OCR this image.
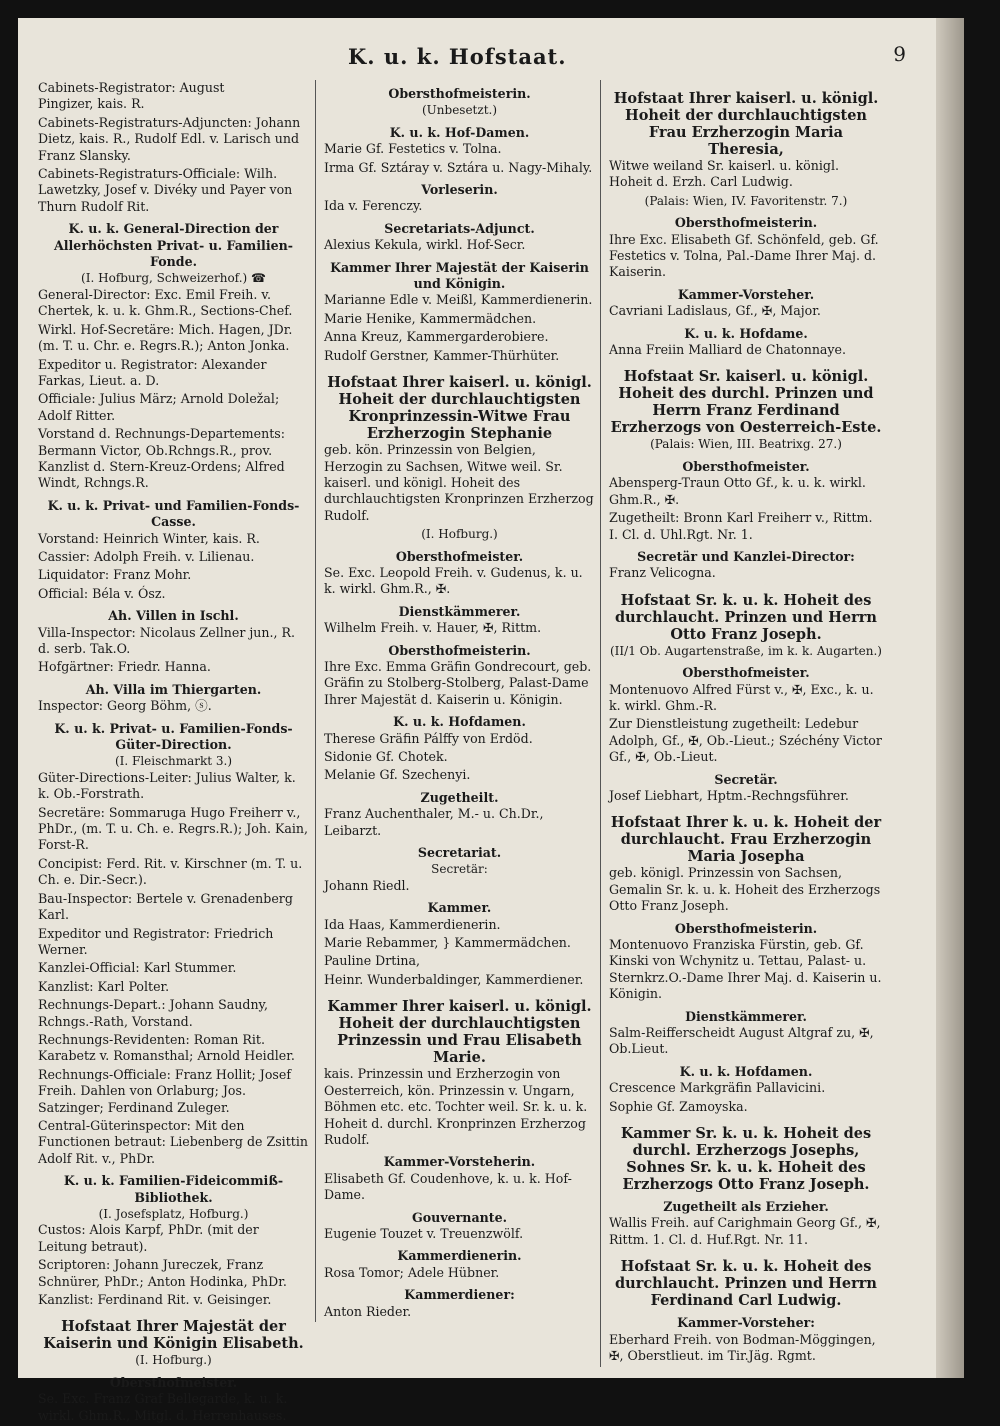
K. u. k. Hofstaat.	9
Cabinets-Registrator: August
Pingizer, kais. R.
Cabinets-Registraturs-Adjuncten: Johann Dietz, kais. R., Rudolf Edl. v. Larisch und Franz Slansky.
Cabinets-Registraturs-Officiale: Wilh. Lawetzky, Josef v. Divéky und Payer von Thurn Rudolf Rit.
K. u. k. General-Direction der Allerhöchsten Privat- u. Familien-Fonde.
(I. Hofburg, Schweizerhof.) ☎
General-Director: Exc. Emil Freih. v. Chertek, k. u. k. Ghm.R., Sections-Chef.
Wirkl. Hof-Secretäre: Mich. Hagen, JDr. (m. T. u. Chr. e. Regrs.R.); Anton Jonka.
Expeditor u. Registrator: Alexander Farkas, Lieut. a. D.
Officiale: Julius März; Arnold Doležal; Adolf Ritter.
Vorstand d. Rechnungs-Departements: Bermann Victor, Ob.Rchngs.R., prov. Kanzlist d. Stern-Kreuz-Ordens; Alfred Windt, Rchngs.R.
K. u. k. Privat- und Familien-Fonds-Casse.
Vorstand: Heinrich Winter, kais. R.
Cassier: Adolph Freih. v. Lilienau.
Liquidator: Franz Mohr.
Official: Béla v. Ósz.
Ah. Villen in Ischl.
Villa-Inspector: Nicolaus Zellner jun., R. d. serb. Tak.O.
Hofgärtner: Friedr. Hanna.
Ah. Villa im Thiergarten.
Inspector: Georg Böhm, ⓢ.
K. u. k. Privat- u. Familien-Fonds-Güter-Direction.
(I. Fleischmarkt 3.)
Güter-Directions-Leiter: Julius Walter, k. k. Ob.-Forstrath.
Secretäre: Sommaruga Hugo Freiherr v., PhDr., (m. T. u. Ch. e. Regrs.R.); Joh. Kain, Forst-R.
Concipist: Ferd. Rit. v. Kirschner (m. T. u. Ch. e. Dir.-Secr.).
Bau-Inspector: Bertele v. Grenadenberg Karl.
Expeditor und Registrator: Friedrich Werner.
Kanzlei-Official: Karl Stummer.
Kanzlist: Karl Polter.
Rechnungs-Depart.: Johann Saudny, Rchngs.-Rath, Vorstand.
Rechnungs-Revidenten: Roman Rit. Karabetz v. Romansthal; Arnold Heidler.
Rechnungs-Officiale: Franz Hollit; Josef Freih. Dahlen von Orlaburg; Jos. Satzinger; Ferdinand Zuleger.
Central-Güterinspector: Mit den Functionen betraut: Liebenberg de Zsittin Adolf Rit. v., PhDr.
K. u. k. Familien-Fideicommiß-Bibliothek.
(I. Josefsplatz, Hofburg.)
Custos: Alois Karpf, PhDr. (mit der Leitung betraut).
Scriptoren: Johann Jureczek, Franz Schnürer, PhDr.; Anton Hodinka, PhDr.
Kanzlist: Ferdinand Rit. v. Geisinger.
Hofstaat Ihrer Majestät der Kaiserin und Königin Elisabeth.
(I. Hofburg.)
Obersthofmeister.
Se. Exc. Franz Graf Bellegarde, k. u. k. wirkl. Ghm.R., Mitgl. d. Herrenhauses.
Obersthofmeisterin.
(Unbesetzt.)
K. u. k. Hof-Damen.
Marie Gf. Festetics v. Tolna.
Irma Gf. Sztáray v. Sztára u. Nagy-Mihaly.
Vorleserin.
Ida v. Ferenczy.
Secretariats-Adjunct.
Alexius Kekula, wirkl. Hof-Secr.
Kammer Ihrer Majestät der Kaiserin und Königin.
Marianne Edle v. Meißl, Kammerdienerin.
Marie Henike, Kammermädchen.
Anna Kreuz, Kammergarderobiere.
Rudolf Gerstner, Kammer-Thürhüter.
Hofstaat Ihrer kaiserl. u. königl. Hoheit der durchlauchtigsten Kronprinzessin-Witwe Frau Erzherzogin Stephanie
geb. kön. Prinzessin von Belgien, Herzogin zu Sachsen, Witwe weil. Sr. kaiserl. und königl. Hoheit des durchlauchtigsten Kronprinzen Erzherzog Rudolf.
(I. Hofburg.)
Obersthofmeister.
Se. Exc. Leopold Freih. v. Gudenus, k. u. k. wirkl. Ghm.R., ✠.
Dienstkämmerer.
Wilhelm Freih. v. Hauer, ✠, Rittm.
Obersthofmeisterin.
Ihre Exc. Emma Gräfin Gondrecourt, geb. Gräfin zu Stolberg-Stolberg, Palast-Dame Ihrer Majestät d. Kaiserin u. Königin.
K. u. k. Hofdamen.
Therese Gräfin Pálffy von Erdöd.
Sidonie Gf. Chotek.
Melanie Gf. Szechenyi.
Zugetheilt.
Franz Auchenthaler, M.- u. Ch.Dr., Leibarzt.
Secretariat.
Secretär:
Johann Riedl.
Kammer.
Ida Haas, Kammerdienerin.
Marie Rebammer, } Kammermädchen.
Pauline Drtina,
Heinr. Wunderbaldinger, Kammerdiener.
Kammer Ihrer kaiserl. u. königl. Hoheit der durchlauchtigsten Prinzessin und Frau Elisabeth Marie.
kais. Prinzessin und Erzherzogin von Oesterreich, kön. Prinzessin v. Ungarn, Böhmen etc. etc. Tochter weil. Sr. k. u. k. Hoheit d. durchl. Kronprinzen Erzherzog Rudolf.
Kammer-Vorsteherin.
Elisabeth Gf. Coudenhove, k. u. k. Hof-Dame.
Gouvernante.
Eugenie Touzet v. Treuenzwölf.
Kammerdienerin.
Rosa Tomor; Adele Hübner.
Kammerdiener:
Anton Rieder.
Hofstaat Ihrer kaiserl. u. königl. Hoheit der durchlauchtigsten Frau Erzherzogin Maria Theresia,
Witwe weiland Sr. kaiserl. u. königl. Hoheit d. Erzh. Carl Ludwig.
(Palais: Wien, IV. Favoritenstr. 7.)
Obersthofmeisterin.
Ihre Exc. Elisabeth Gf. Schönfeld, geb. Gf. Festetics v. Tolna, Pal.-Dame Ihrer Maj. d. Kaiserin.
Kammer-Vorsteher.
Cavriani Ladislaus, Gf., ✠, Major.
K. u. k. Hofdame.
Anna Freiin Malliard de Chatonnaye.
Hofstaat Sr. kaiserl. u. königl. Hoheit des durchl. Prinzen und Herrn Franz Ferdinand Erzherzogs von Oesterreich-Este.
(Palais: Wien, III. Beatrixg. 27.)
Obersthofmeister.
Abensperg-Traun Otto Gf., k. u. k. wirkl. Ghm.R., ✠.
Zugetheilt: Bronn Karl Freiherr v., Rittm. I. Cl. d. Uhl.Rgt. Nr. 1.
Secretär und Kanzlei-Director:
Franz Velicogna.
Hofstaat Sr. k. u. k. Hoheit des durchlaucht. Prinzen und Herrn Otto Franz Joseph.
(II/1 Ob. Augartenstraße, im k. k. Augarten.)
Obersthofmeister.
Montenuovo Alfred Fürst v., ✠, Exc., k. u. k. wirkl. Ghm.-R.
Zur Dienstleistung zugetheilt: Ledebur Adolph, Gf., ✠, Ob.-Lieut.; Széchény Victor Gf., ✠, Ob.-Lieut.
Secretär.
Josef Liebhart, Hptm.-Rechngsführer.
Hofstaat Ihrer k. u. k. Hoheit der durchlaucht. Frau Erzherzogin Maria Josepha
geb. königl. Prinzessin von Sachsen, Gemalin Sr. k. u. k. Hoheit des Erzherzogs Otto Franz Joseph.
Obersthofmeisterin.
Montenuovo Franziska Fürstin, geb. Gf. Kinski von Wchynitz u. Tettau, Palast- u. Sternkrz.O.-Dame Ihrer Maj. d. Kaiserin u. Königin.
Dienstkämmerer.
Salm-Reifferscheidt August Altgraf zu, ✠, Ob.Lieut.
K. u. k. Hofdamen.
Crescence Markgräfin Pallavicini.
Sophie Gf. Zamoyska.
Kammer Sr. k. u. k. Hoheit des durchl. Erzherzogs Josephs, Sohnes Sr. k. u. k. Hoheit des Erzherzogs Otto Franz Joseph.
Zugetheilt als Erzieher.
Wallis Freih. auf Carighmain Georg Gf., ✠, Rittm. 1. Cl. d. Huf.Rgt. Nr. 11.
Hofstaat Sr. k. u. k. Hoheit des durchlaucht. Prinzen und Herrn Ferdinand Carl Ludwig.
Kammer-Vorsteher:
Eberhard Freih. von Bodman-Möggingen, ✠, Oberstlieut. im Tir.Jäg. Rgmt.
